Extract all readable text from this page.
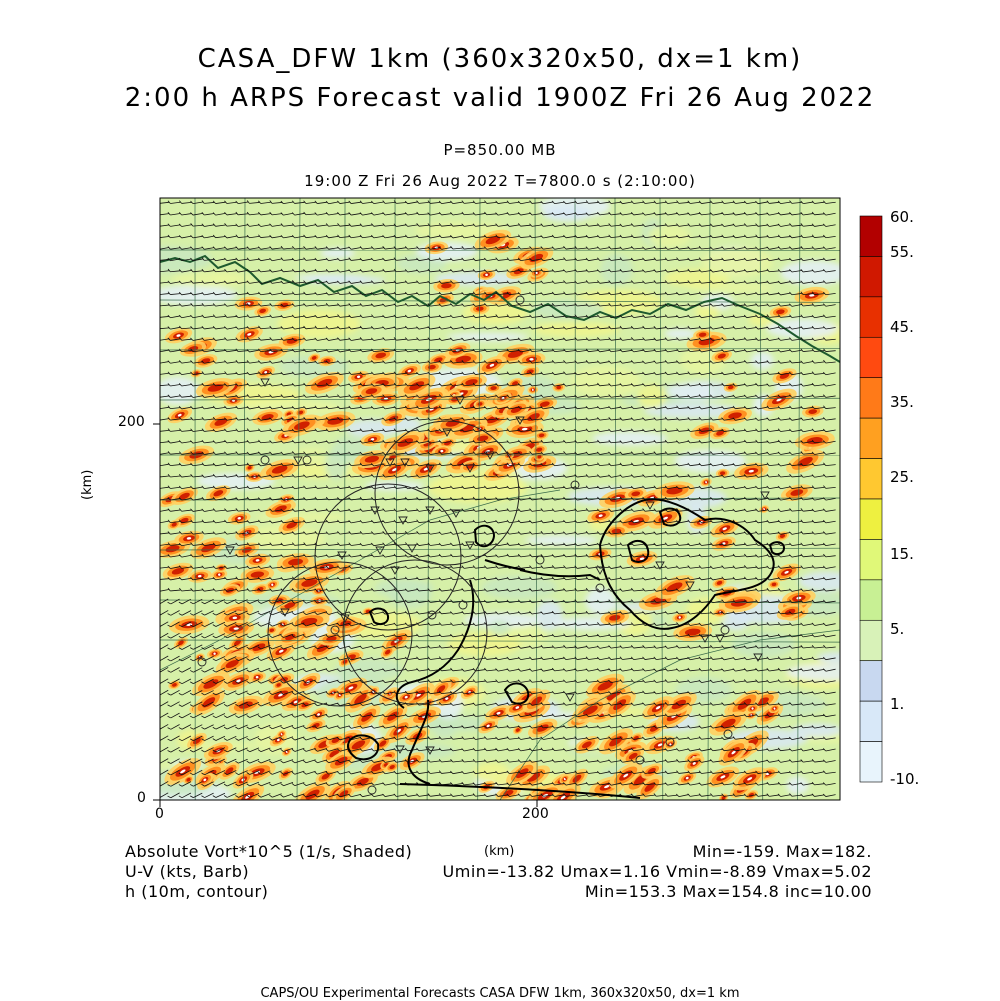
CASA_DFW 1km (360x320x50, dx=1 km)
2:00 h ARPS Forecast valid 1900Z Fri 26 Aug 2022
P=850.00 MB
19:00 Z Fri 26 Aug 2022 T=7800.0 s (2:10:00)
200
0
0	200
(km)
(km)
60.
55.
45.
35.
25.
15.
5.
1.
-10.
Absolute Vort*10^5 (1/s, Shaded)	Min=-159. Max=182.
U-V (kts, Barb)	Umin=-13.82 Umax=1.16 Vmin=-8.89 Vmax=5.02
h (10m, contour)	Min=153.3 Max=154.8 inc=10.00
CAPS/OU Experimental Forecasts CASA DFW 1km, 360x320x50, dx=1 km
